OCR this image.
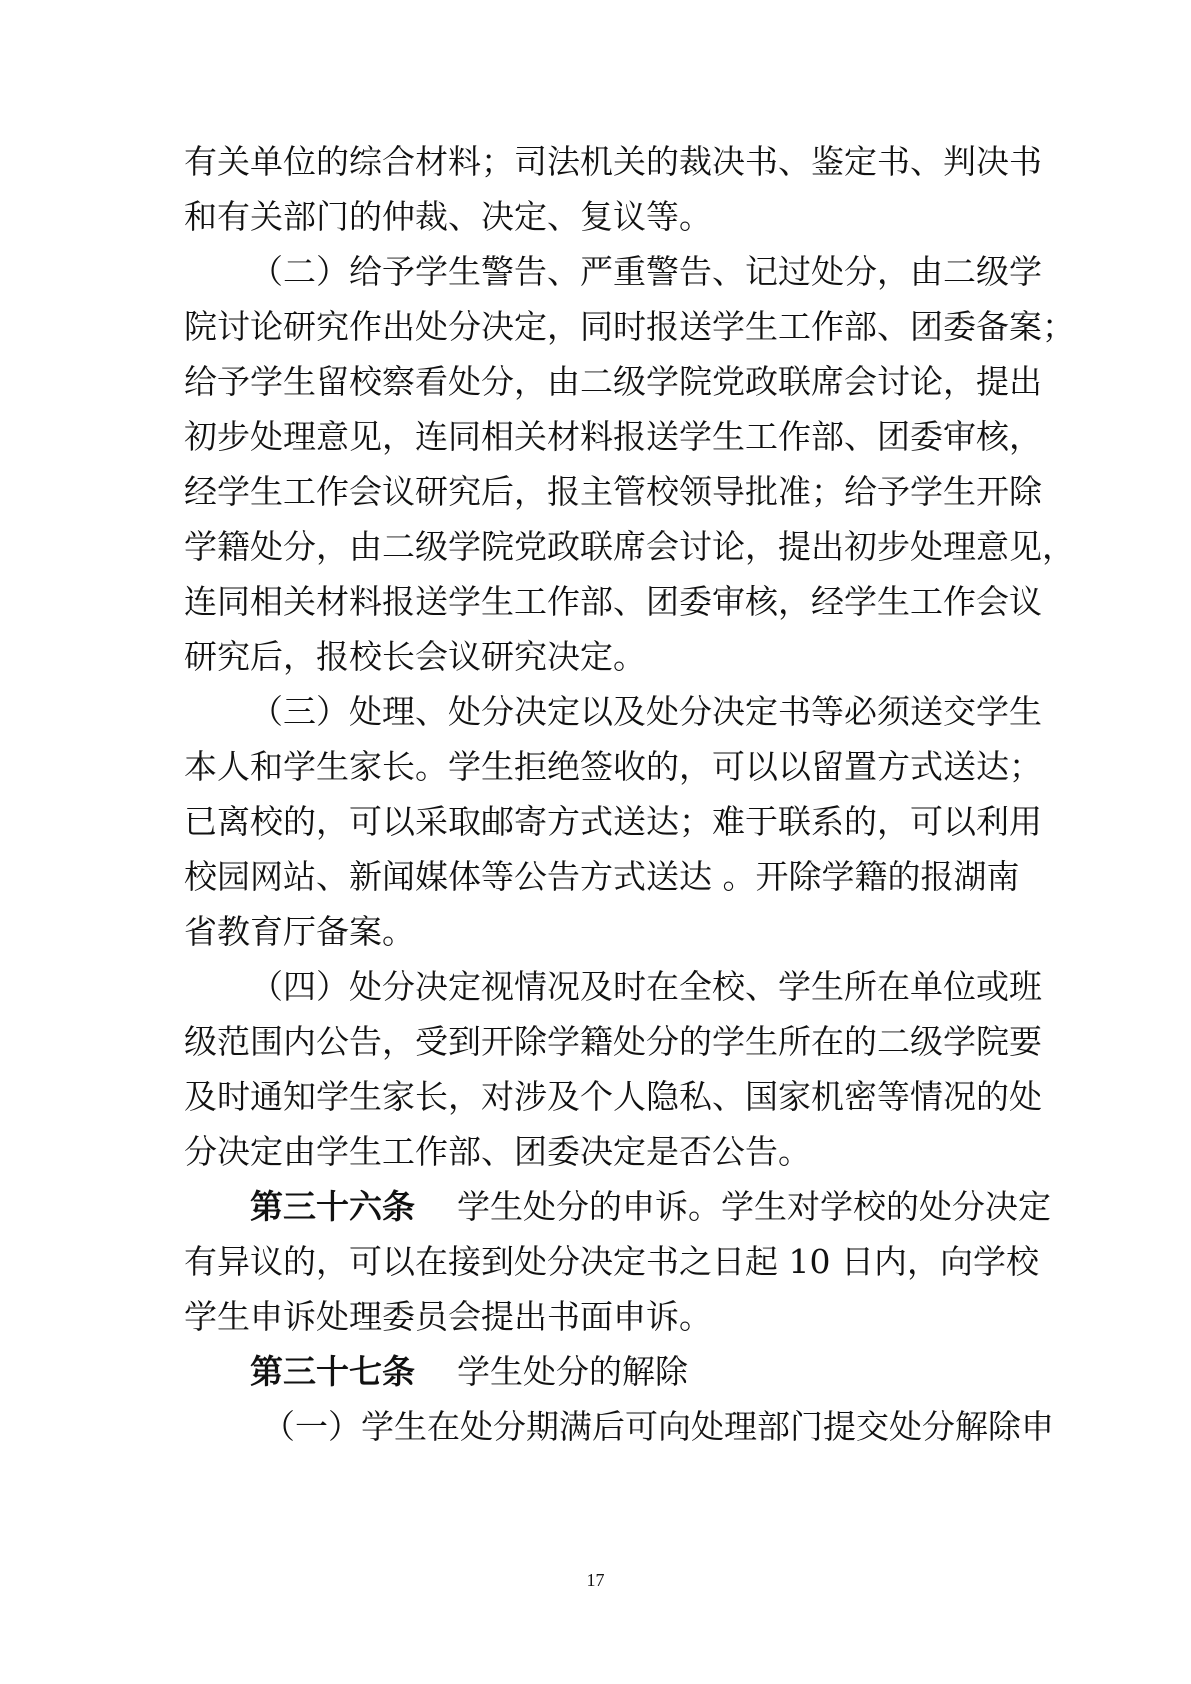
有关单位的综合材料；司法机关的裁决书、鉴定书、判决书
和有关部门的仲裁、决定、复议等。
（二）给予学生警告、严重警告、记过处分，由二级学
院讨论研究作出处分决定，同时报送学生工作部、团委备案；
给予学生留校察看处分，由二级学院党政联席会讨论，提出
初步处理意见，连同相关材料报送学生工作部、团委审核，
经学生工作会议研究后，报主管校领导批准；给予学生开除
学籍处分，由二级学院党政联席会讨论，提出初步处理意见，
连同相关材料报送学生工作部、团委审核，经学生工作会议
研究后，报校长会议研究决定。
（三）处理、处分决定以及处分决定书等必须送交学生
本人和学生家长。学生拒绝签收的，可以以留置方式送达；
已离校的，可以采取邮寄方式送达；难于联系的，可以利用
校园网站、新闻媒体等公告方式送达 。开除学籍的报湖南
省教育厅备案。
（四）处分决定视情况及时在全校、学生所在单位或班
级范围内公告，受到开除学籍处分的学生所在的二级学院要
及时通知学生家长，对涉及个人隐私、国家机密等情况的处
分决定由学生工作部、团委决定是否公告。
第三十六条 学生处分的申诉。学生对学校的处分决定
有异议的，可以在接到处分决定书之日起 10 日内，向学校
学生申诉处理委员会提出书面申诉。
第三十七条 学生处分的解除
（一）学生在处分期满后可向处理部门提交处分解除申
17
